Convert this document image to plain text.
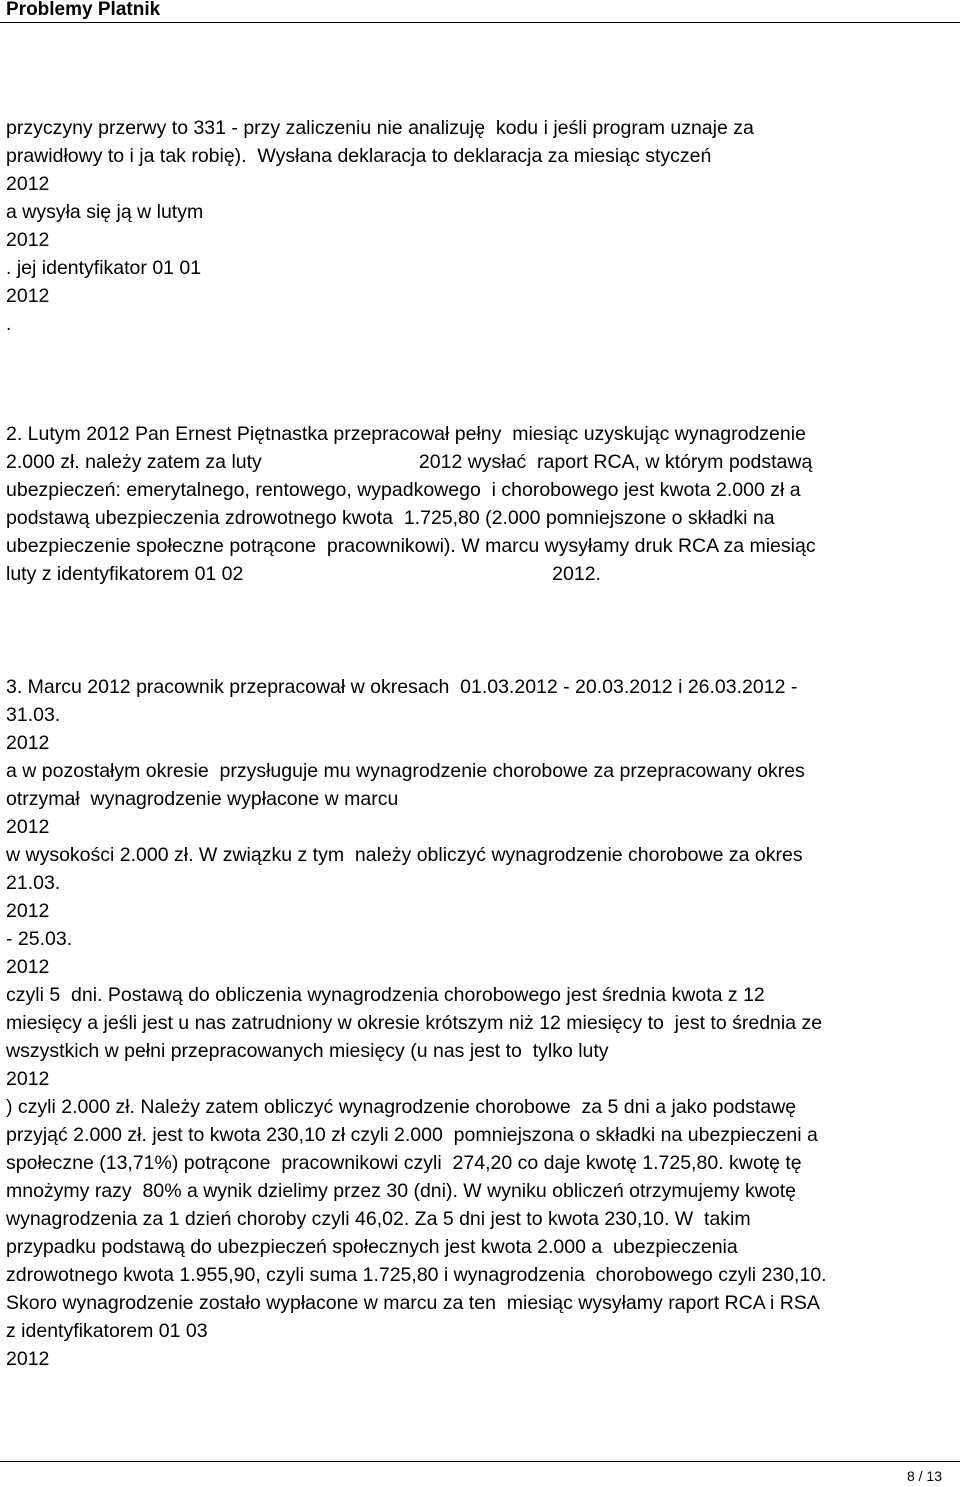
Problemy Platnik
przyczyny przerwy to 331 - przy zaliczeniu nie analizuję  kodu i jeśli program uznaje za
prawidłowy to i ja tak robię).  Wysłana deklaracja to deklaracja za miesiąc styczeń
2012
a wysyła się ją w lutym
2012
. jej identyfikator 01 01
2012
.
2. Lutym 2012 Pan Ernest Piętnastka przepracował pełny  miesiąc uzyskując wynagrodzenie
2.000 zł. należy zatem za luty                             2012 wysłać  raport RCA, w którym podstawą
ubezpieczeń: emerytalnego, rentowego, wypadkowego  i chorobowego jest kwota 2.000 zł a
podstawą ubezpieczenia zdrowotnego kwota  1.725,80 (2.000 pomniejszone o składki na
ubezpieczenie społeczne potrącone  pracownikowi). W marcu wysyłamy druk RCA za miesiąc
luty z identyfikatorem 01 02                                                         2012.
3. Marcu 2012 pracownik przepracował w okresach  01.03.2012 - 20.03.2012 i 26.03.2012 -
31.03.
2012
a w pozostałym okresie  przysługuje mu wynagrodzenie chorobowe za przepracowany okres
otrzymał  wynagrodzenie wypłacone w marcu
2012
w wysokości 2.000 zł. W związku z tym  należy obliczyć wynagrodzenie chorobowe za okres
21.03.
2012
- 25.03.
2012
czyli 5  dni. Postawą do obliczenia wynagrodzenia chorobowego jest średnia kwota z 12
miesięcy a jeśli jest u nas zatrudniony w okresie krótszym niż 12 miesięcy to  jest to średnia ze
wszystkich w pełni przepracowanych miesięcy (u nas jest to  tylko luty
2012
) czyli 2.000 zł. Należy zatem obliczyć wynagrodzenie chorobowe  za 5 dni a jako podstawę
przyjąć 2.000 zł. jest to kwota 230,10 zł czyli 2.000  pomniejszona o składki na ubezpieczeni a
społeczne (13,71%) potrącone  pracownikowi czyli  274,20 co daje kwotę 1.725,80. kwotę tę
mnożymy razy  80% a wynik dzielimy przez 30 (dni). W wyniku obliczeń otrzymujemy kwotę
wynagrodzenia za 1 dzień choroby czyli 46,02. Za 5 dni jest to kwota 230,10. W  takim
przypadku podstawą do ubezpieczeń społecznych jest kwota 2.000 a  ubezpieczenia
zdrowotnego kwota 1.955,90, czyli suma 1.725,80 i wynagrodzenia  chorobowego czyli 230,10.
Skoro wynagrodzenie zostało wypłacone w marcu za ten  miesiąc wysyłamy raport RCA i RSA
z identyfikatorem 01 03
2012
8 / 13
